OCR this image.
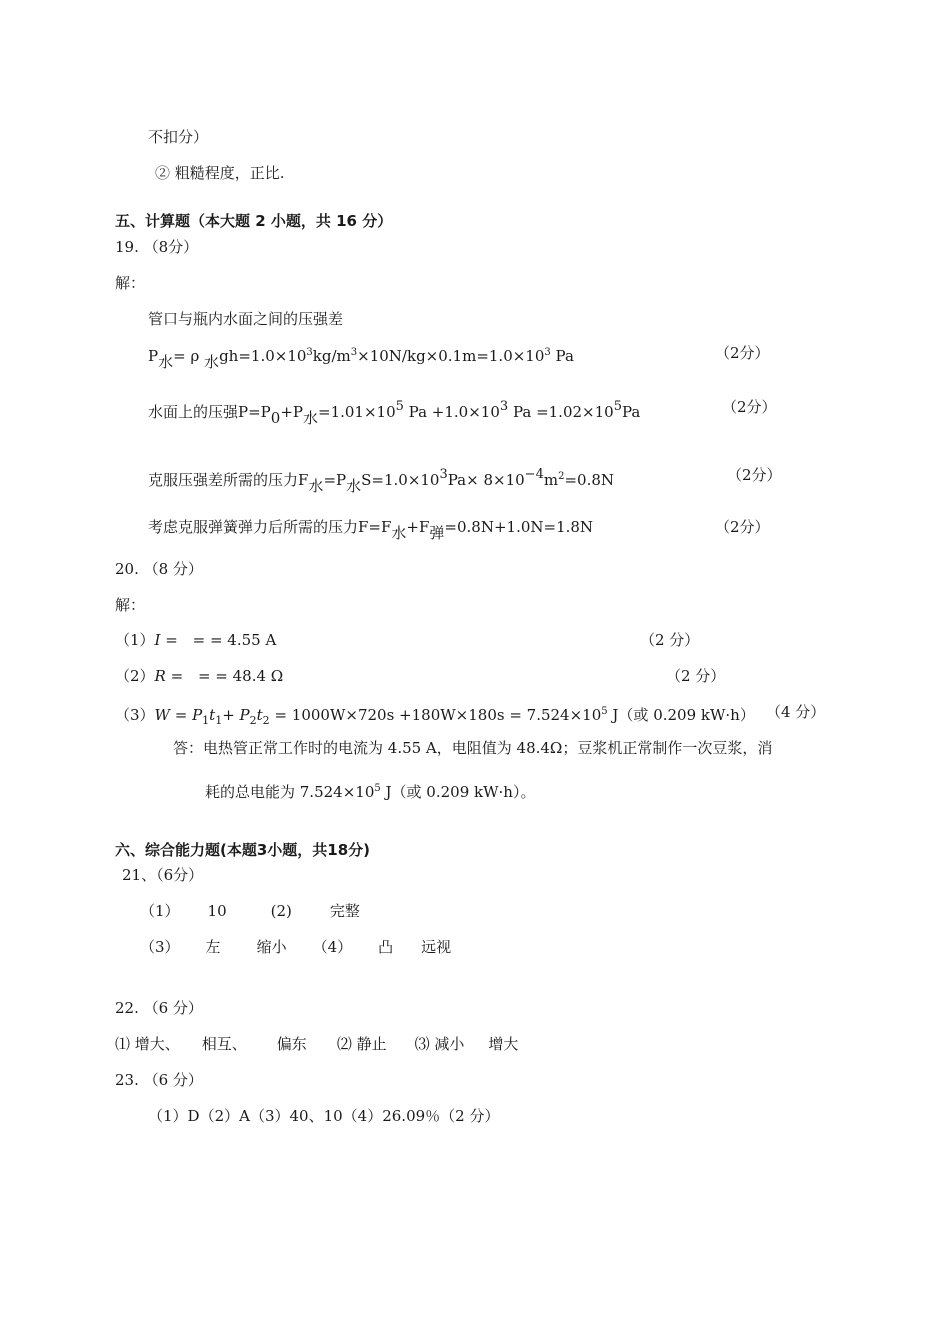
不扣分）
② 粗糙程度，正比.
五、计算题（本大题 2 小题，共 16 分）
19. （8分）
解：
管口与瓶内水面之间的压强差
$P_水= \rho$ $_水gh=1.0\times 10^3kg/m^3\times 10N/kg\times 0.1m=1.0\times 10^3$ Pa	（2分）
水面上的压强$P=P_0+P_水=1.01\times 10^5$ $Pa +1.0\times 10^3$ $Pa =1.02\times 10^5Pa$	（2分）
克服压强差所需的压力$F_水=P_水S=1.0\times 10^3Pa\times 8\times 10^{-4}m^2=0.8N$	（2分）
考虑克服弹簧弹力后所需的压力$F=F_水+F_弹=0.8N+1.0N=1.8N$	（2分）
20. （8 分）
解：
（1）I = = = 4.55 A	（2 分）
（2）R = = = 48.4 Ω	（2 分）
$(3)W = P_1t_1+ P_2t_2 = 1000W\times 720s +180W\times 180s = 7.524\times 10^5$ J（或 0.209 kW·h） （4 分）
答：电热管正常工作时的电流为 4.55 A，电阻值为 48.4Ω；豆浆机正常制作一次豆浆，消
耗的总电能为 $7.524\times 10^5$ J（或 0.209 kW·h）。
六、综合能力题(本题3小题，共18分)
21、（6分）
（1） 10	(2)	完整
（3） 左 缩小 （4） 凸 远视
22. （6 分）
⑴ 增大、 相互、 偏东 ⑵ 静止 ⑶ 减小 增大
23. （6 分）
（1）D（2）A（3）40、10（4）26.09％（2 分）
